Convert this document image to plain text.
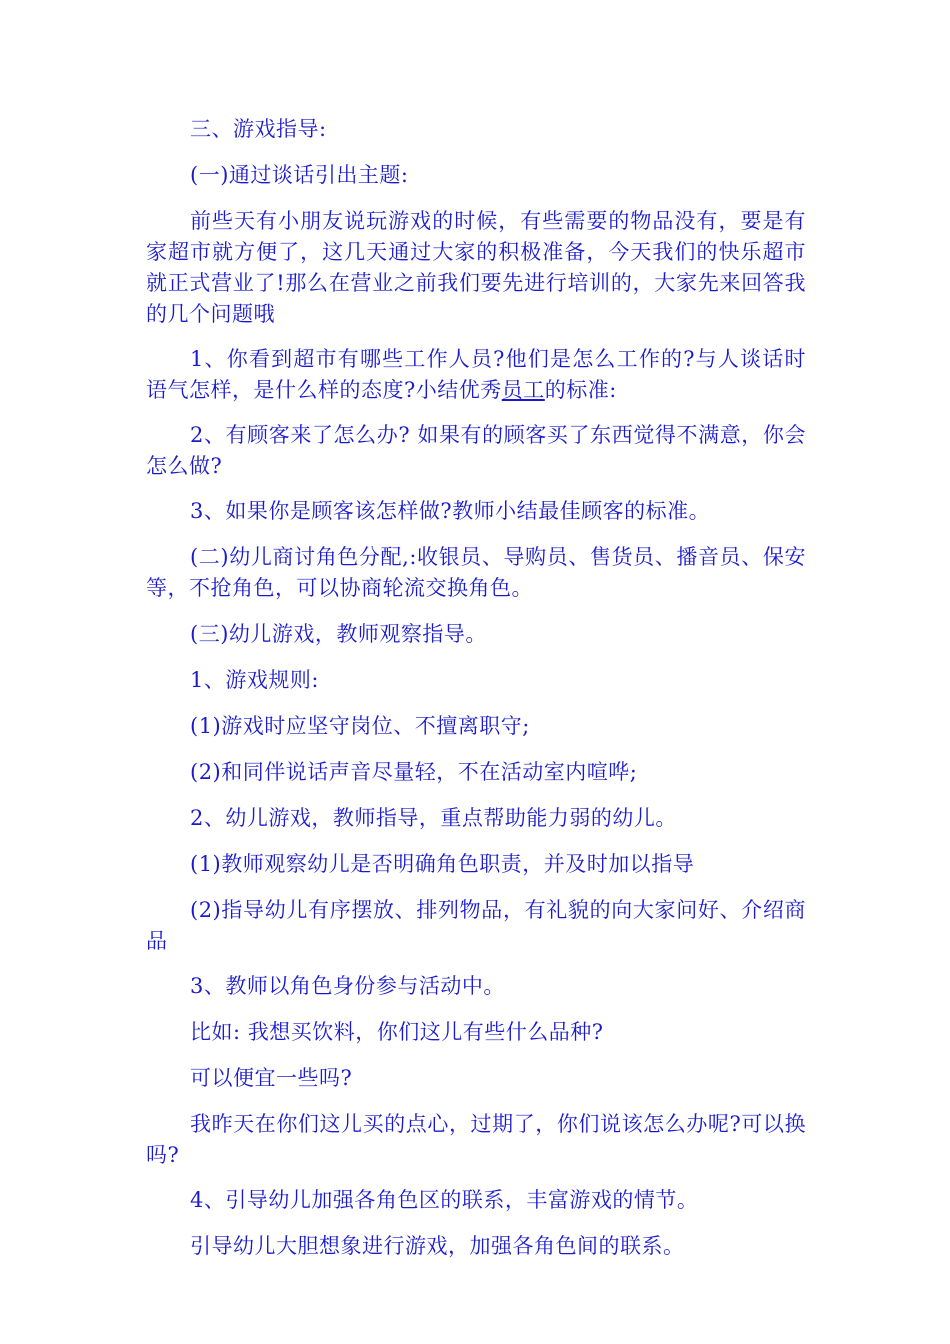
三、游戏指导:

(一)通过谈话引出主题:

前些天有小朋友说玩游戏的时候，有些需要的物品没有，要是有家超市就方便了，这几天通过大家的积极准备，今天我们的快乐超市就正式营业了!那么在营业之前我们要先进行培训的，大家先来回答我的几个问题哦

1、你看到超市有哪些工作人员?他们是怎么工作的?与人谈话时语气怎样，是什么样的态度?小结优秀员工的标准:

2、有顾客来了怎么办? 如果有的顾客买了东西觉得不满意，你会怎么做?

3、如果你是顾客该怎样做?教师小结最佳顾客的标准。

(二)幼儿商讨角色分配,:收银员、导购员、售货员、播音员、保安等，不抢角色，可以协商轮流交换角色。

(三)幼儿游戏，教师观察指导。

1、游戏规则:

(1)游戏时应坚守岗位、不擅离职守;

(2)和同伴说话声音尽量轻，不在活动室内喧哗;

2、幼儿游戏，教师指导，重点帮助能力弱的幼儿。

(1)教师观察幼儿是否明确角色职责，并及时加以指导

(2)指导幼儿有序摆放、排列物品，有礼貌的向大家问好、介绍商品

3、教师以角色身份参与活动中。

比如: 我想买饮料，你们这儿有些什么品种?

可以便宜一些吗?

我昨天在你们这儿买的点心，过期了，你们说该怎么办呢?可以换吗?

4、引导幼儿加强各角色区的联系，丰富游戏的情节。

引导幼儿大胆想象进行游戏，加强各角色间的联系。
